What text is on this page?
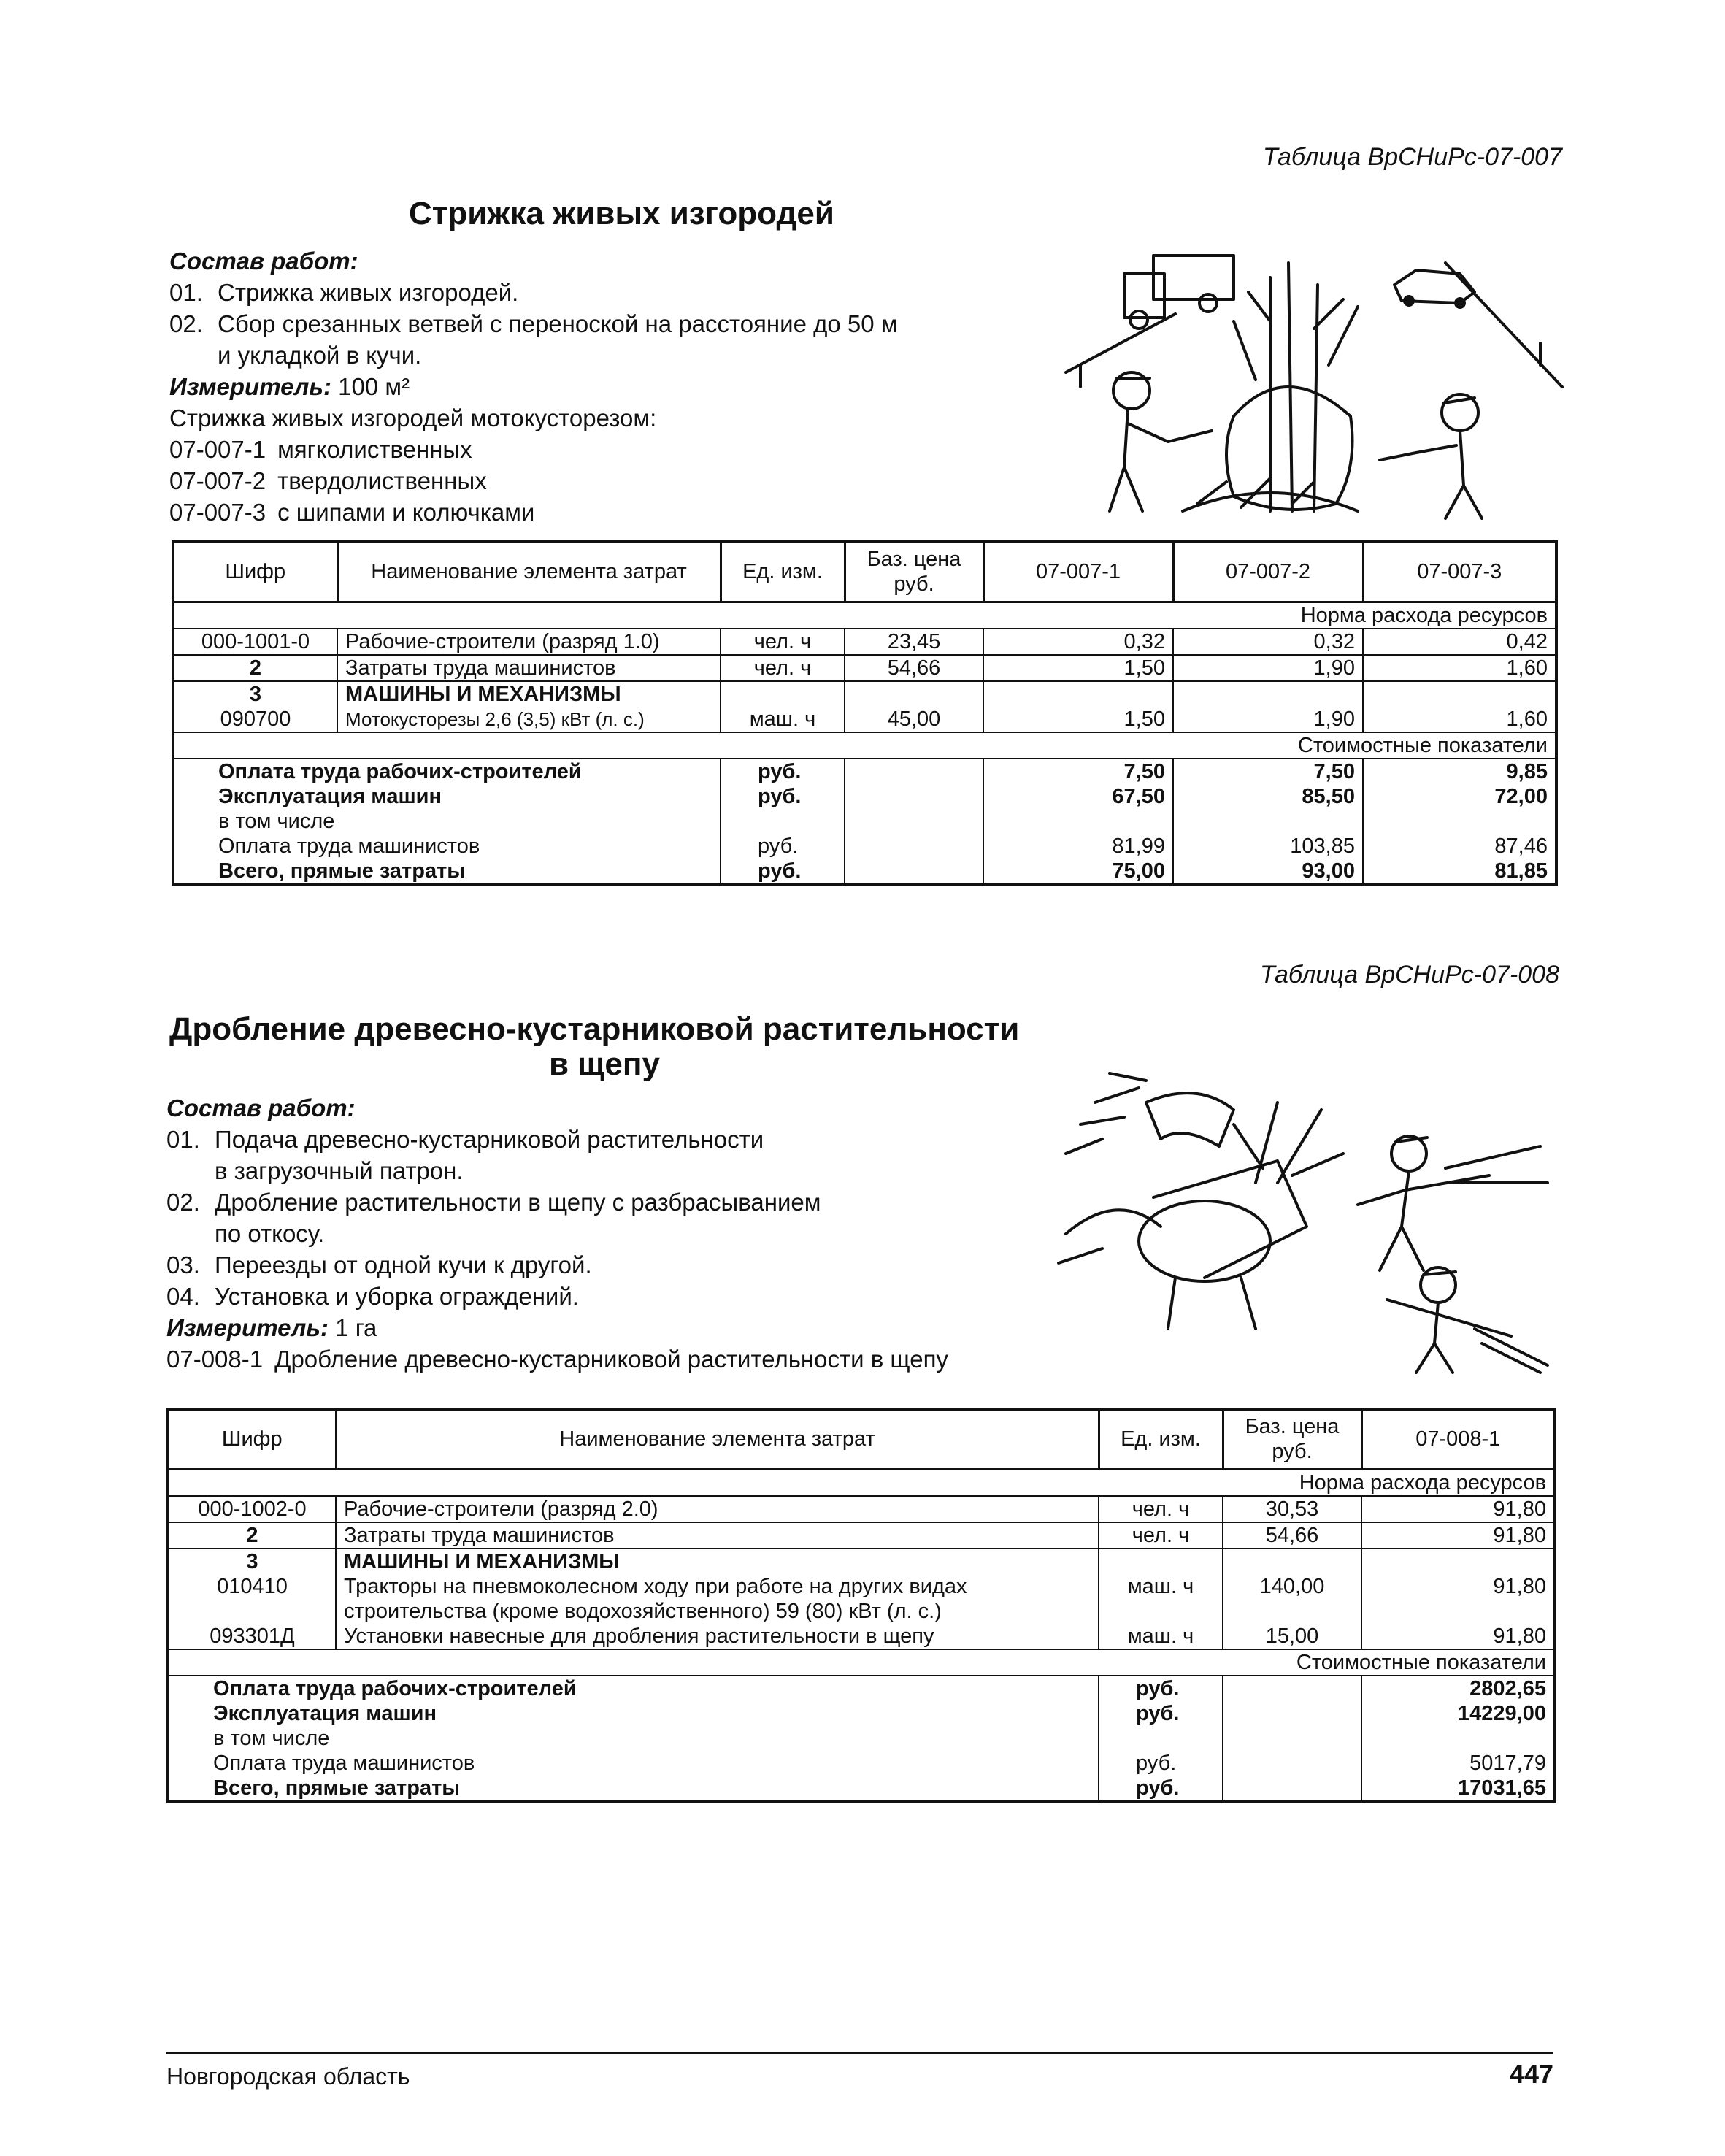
Таблица ВрСНиРс-07-007
Стрижка живых изгородей
Состав работ:
01. Стрижка живых изгородей.
02. Сбор срезанных ветвей с переноской на расстояние до 50 м
и укладкой в кучи.
Измеритель: 100 м²
Стрижка живых изгородей мотокусторезом:
07-007-1 мягколиственных
07-007-2 твердолиственных
07-007-3 с шипами и колючками
Шифр	Наименование элемента затрат	Ед. изм.	Баз. цена руб.	07-007-1	07-007-2	07-007-3
				Норма расхода ресурсов		
000-1001-0	Рабочие-строители (разряд 1.0)	чел. ч	23,45	0,32	0,32	0,42
2	Затраты труда машинистов	чел. ч	54,66	1,50	1,90	1,60
3	МАШИНЫ И МЕХАНИЗМЫ					
090700	Мотокусторезы 2,6 (3,5) кВт (л. с.)	маш. ч	45,00	1,50	1,90	1,60
				Стоимостные показатели		
Оплата труда рабочих-строителей		руб.		7,50	7,50	9,85
Эксплуатация машин		руб.		67,50	85,50	72,00
в том числе						
Оплата труда машинистов		руб.		81,99	103,85	87,46
Всего, прямые затраты		руб.		75,00	93,00	81,85
Таблица ВрСНиРс-07-008
Дробление древесно-кустарниковой растительности
в щепу
Состав работ:
01. Подача древесно-кустарниковой растительности
в загрузочный патрон.
02. Дробление растительности в щепу с разбрасыванием
по откосу.
03. Переезды от одной кучи к другой.
04. Установка и уборка ограждений.
Измеритель: 1 га
07-008-1 Дробление древесно-кустарниковой растительности в щепу
Шифр	Наименование элемента затрат	Ед. изм.	Баз. цена руб.	07-008-1
			Норма расхода ресурсов	
000-1002-0	Рабочие-строители (разряд 2.0)	чел. ч	30,53	91,80
2	Затраты труда машинистов	чел. ч	54,66	91,80
3	МАШИНЫ И МЕХАНИЗМЫ			
010410	Тракторы на пневмоколесном ходу при работе на других видах
строительства (кроме водохозяйственного) 59 (80) кВт (л. с.)	маш. ч	140,00	91,80
093301Д	Установки навесные для дробления растительности в щепу	маш. ч	15,00	91,80
			Стоимостные показатели	
Оплата труда рабочих-строителей		руб.		2802,65
Эксплуатация машин		руб.		14229,00
в том числе				
Оплата труда машинистов		руб.		5017,79
Всего, прямые затраты		руб.		17031,65
Новгородская область	447
